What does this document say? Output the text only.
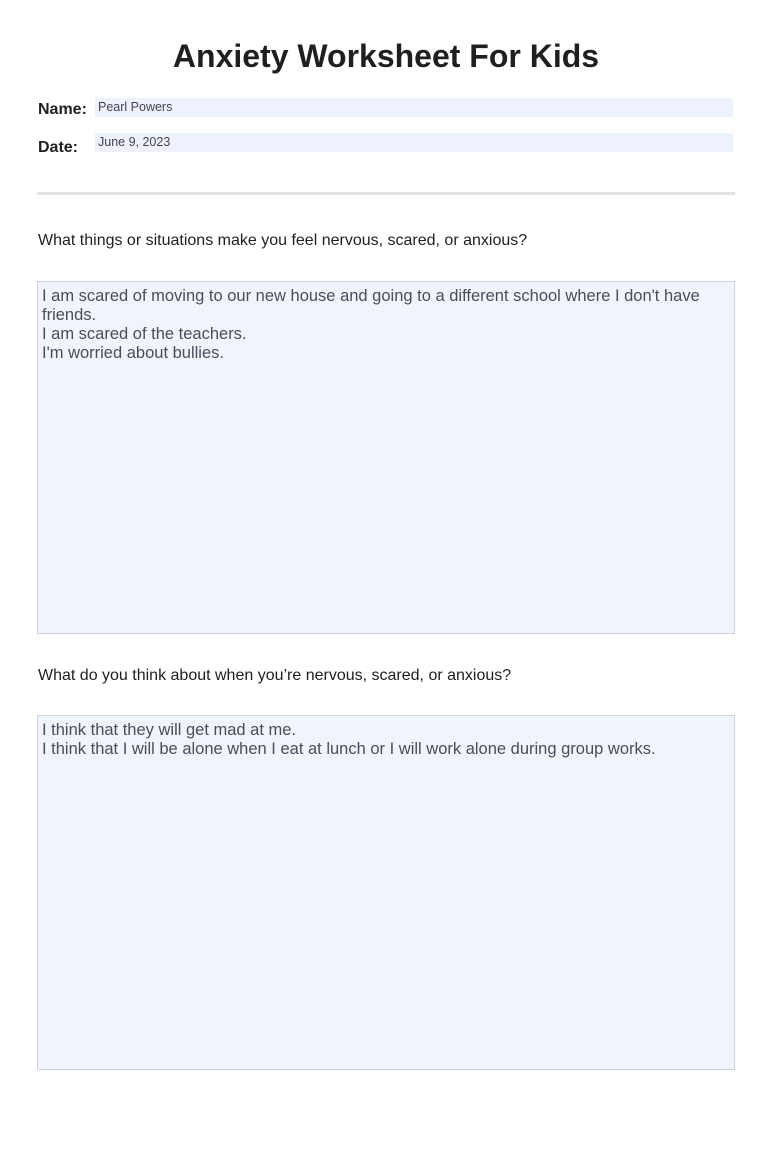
Anxiety Worksheet For Kids
Name: Pearl Powers
Date: June 9, 2023
What things or situations make you feel nervous, scared, or anxious?
I am scared of moving to our new house and going to a different school where I don't have friends.
I am scared of the teachers.
I'm worried about bullies.
What do you think about when you’re nervous, scared, or anxious?
I think that they will get mad at me.
I think that I will be alone when I eat at lunch or I will work alone during group works.
